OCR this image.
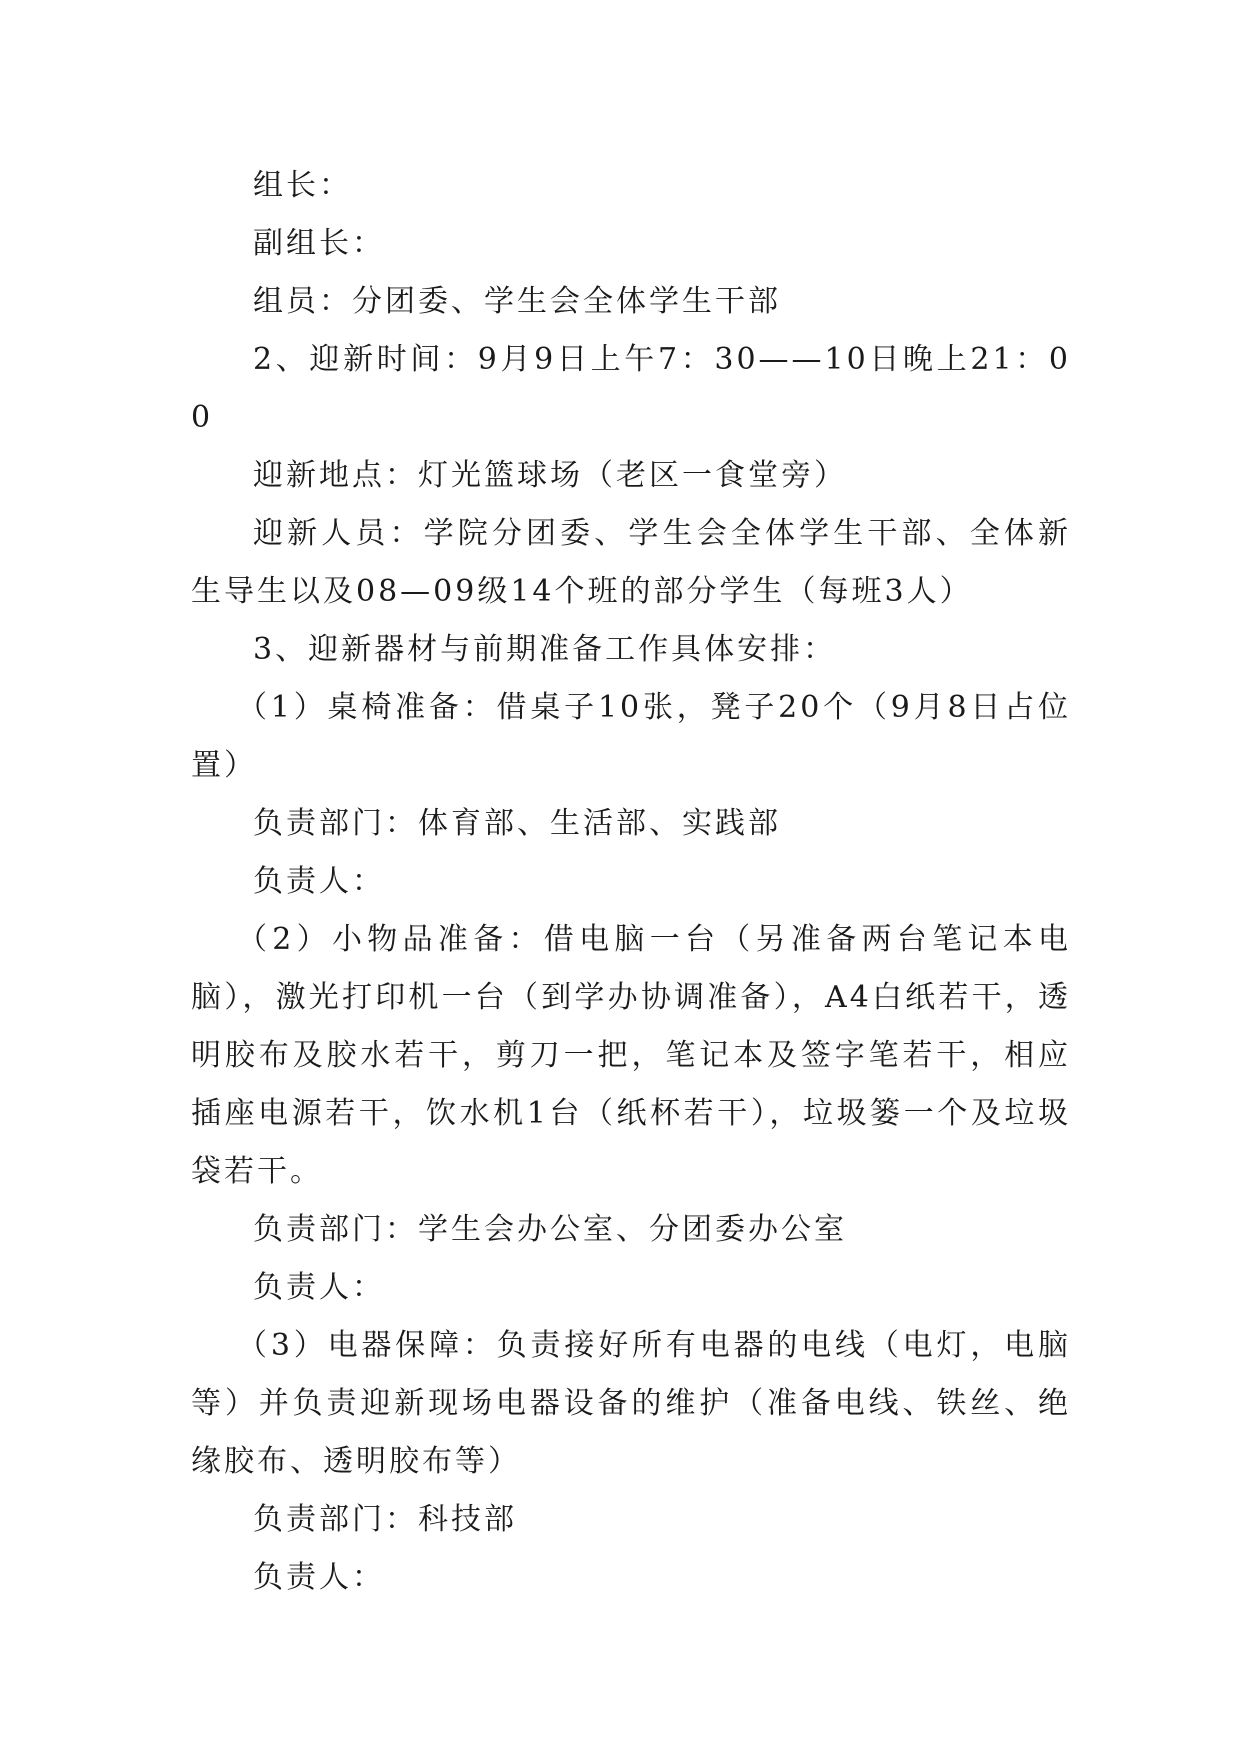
组长：

副组长：

组员：分团委、学生会全体学生干部

2、迎新时间：9月9日上午7：30——10日晚上21：00

迎新地点：灯光篮球场（老区一食堂旁）

迎新人员：学院分团委、学生会全体学生干部、全体新生导生以及08—09级14个班的部分学生（每班3人）

3、迎新器材与前期准备工作具体安排：

（1）桌椅准备：借桌子10张，凳子20个（9月8日占位置）

负责部门：体育部、生活部、实践部

负责人：

（2）小物品准备：借电脑一台（另准备两台笔记本电脑），激光打印机一台（到学办协调准备），A4白纸若干，透明胶布及胶水若干，剪刀一把，笔记本及签字笔若干，相应插座电源若干，饮水机1台（纸杯若干），垃圾篓一个及垃圾袋若干。

负责部门：学生会办公室、分团委办公室

负责人：

（3）电器保障：负责接好所有电器的电线（电灯，电脑等）并负责迎新现场电器设备的维护（准备电线、铁丝、绝缘胶布、透明胶布等）

负责部门：科技部

负责人：
